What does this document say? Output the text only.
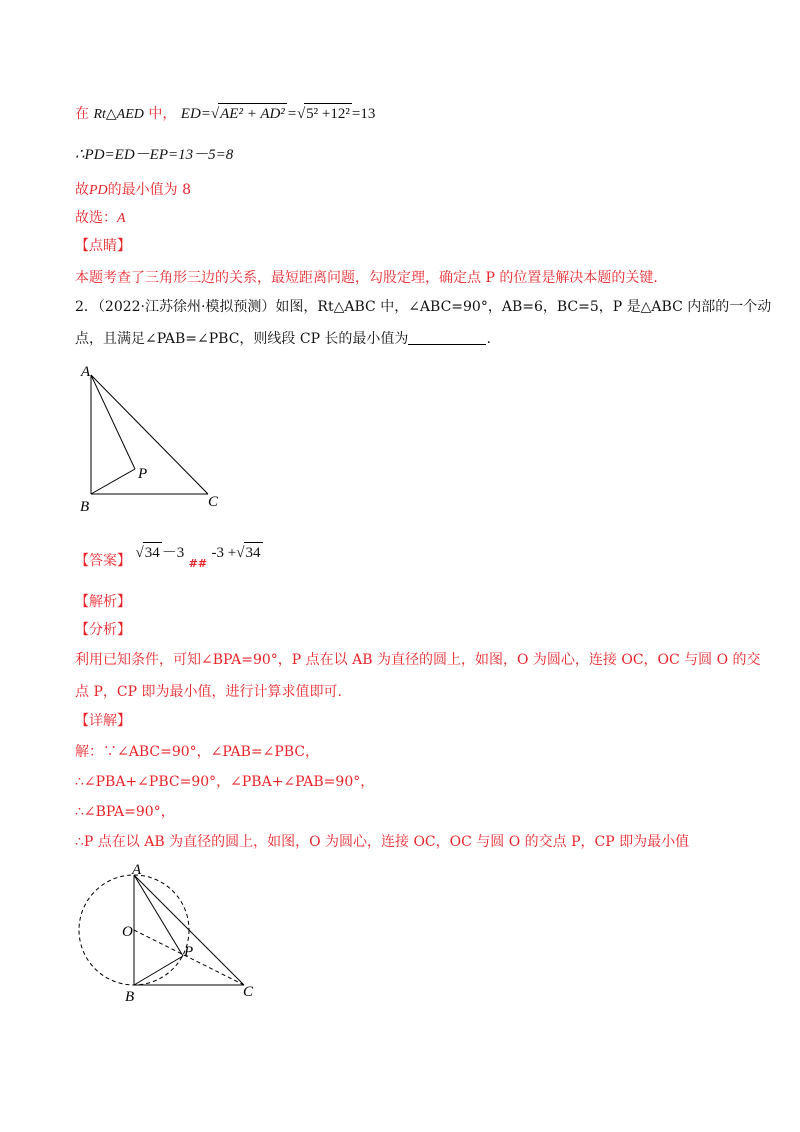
在 Rt△AED 中， ED=√AE² + AD² =√5² +12² =13
∴PD=ED－EP=13－5=8
故PD的最小值为 8
故选：A
【点睛】
本题考查了三角形三边的关系，最短距离问题，勾股定理，确定点 P 的位置是解决本题的关键.
2．（2022·江苏徐州·模拟预测）如图，Rt△ABC 中，∠ABC=90°，AB=6，BC=5，P 是△ABC 内部的一个动
点，且满足∠PAB=∠PBC，则线段 CP 长的最小值为	.
A
B	C
P
【答案】 √34 －3 ## -3 +√34
【解析】
【分析】
利用已知条件，可知∠BPA=90°，P 点在以 AB 为直径的圆上，如图，O 为圆心，连接 OC，OC 与圆 O 的交
点 P，CP 即为最小值，进行计算求值即可.
【详解】
解：∵∠ABC=90°，∠PAB=∠PBC，
∴∠PBA+∠PBC=90°，∠PBA+∠PAB=90°，
∴∠BPA=90°，
∴P 点在以 AB 为直径的圆上，如图，O 为圆心，连接 OC，OC 与圆 O 的交点 P，CP 即为最小值
A
O
P
B	C
